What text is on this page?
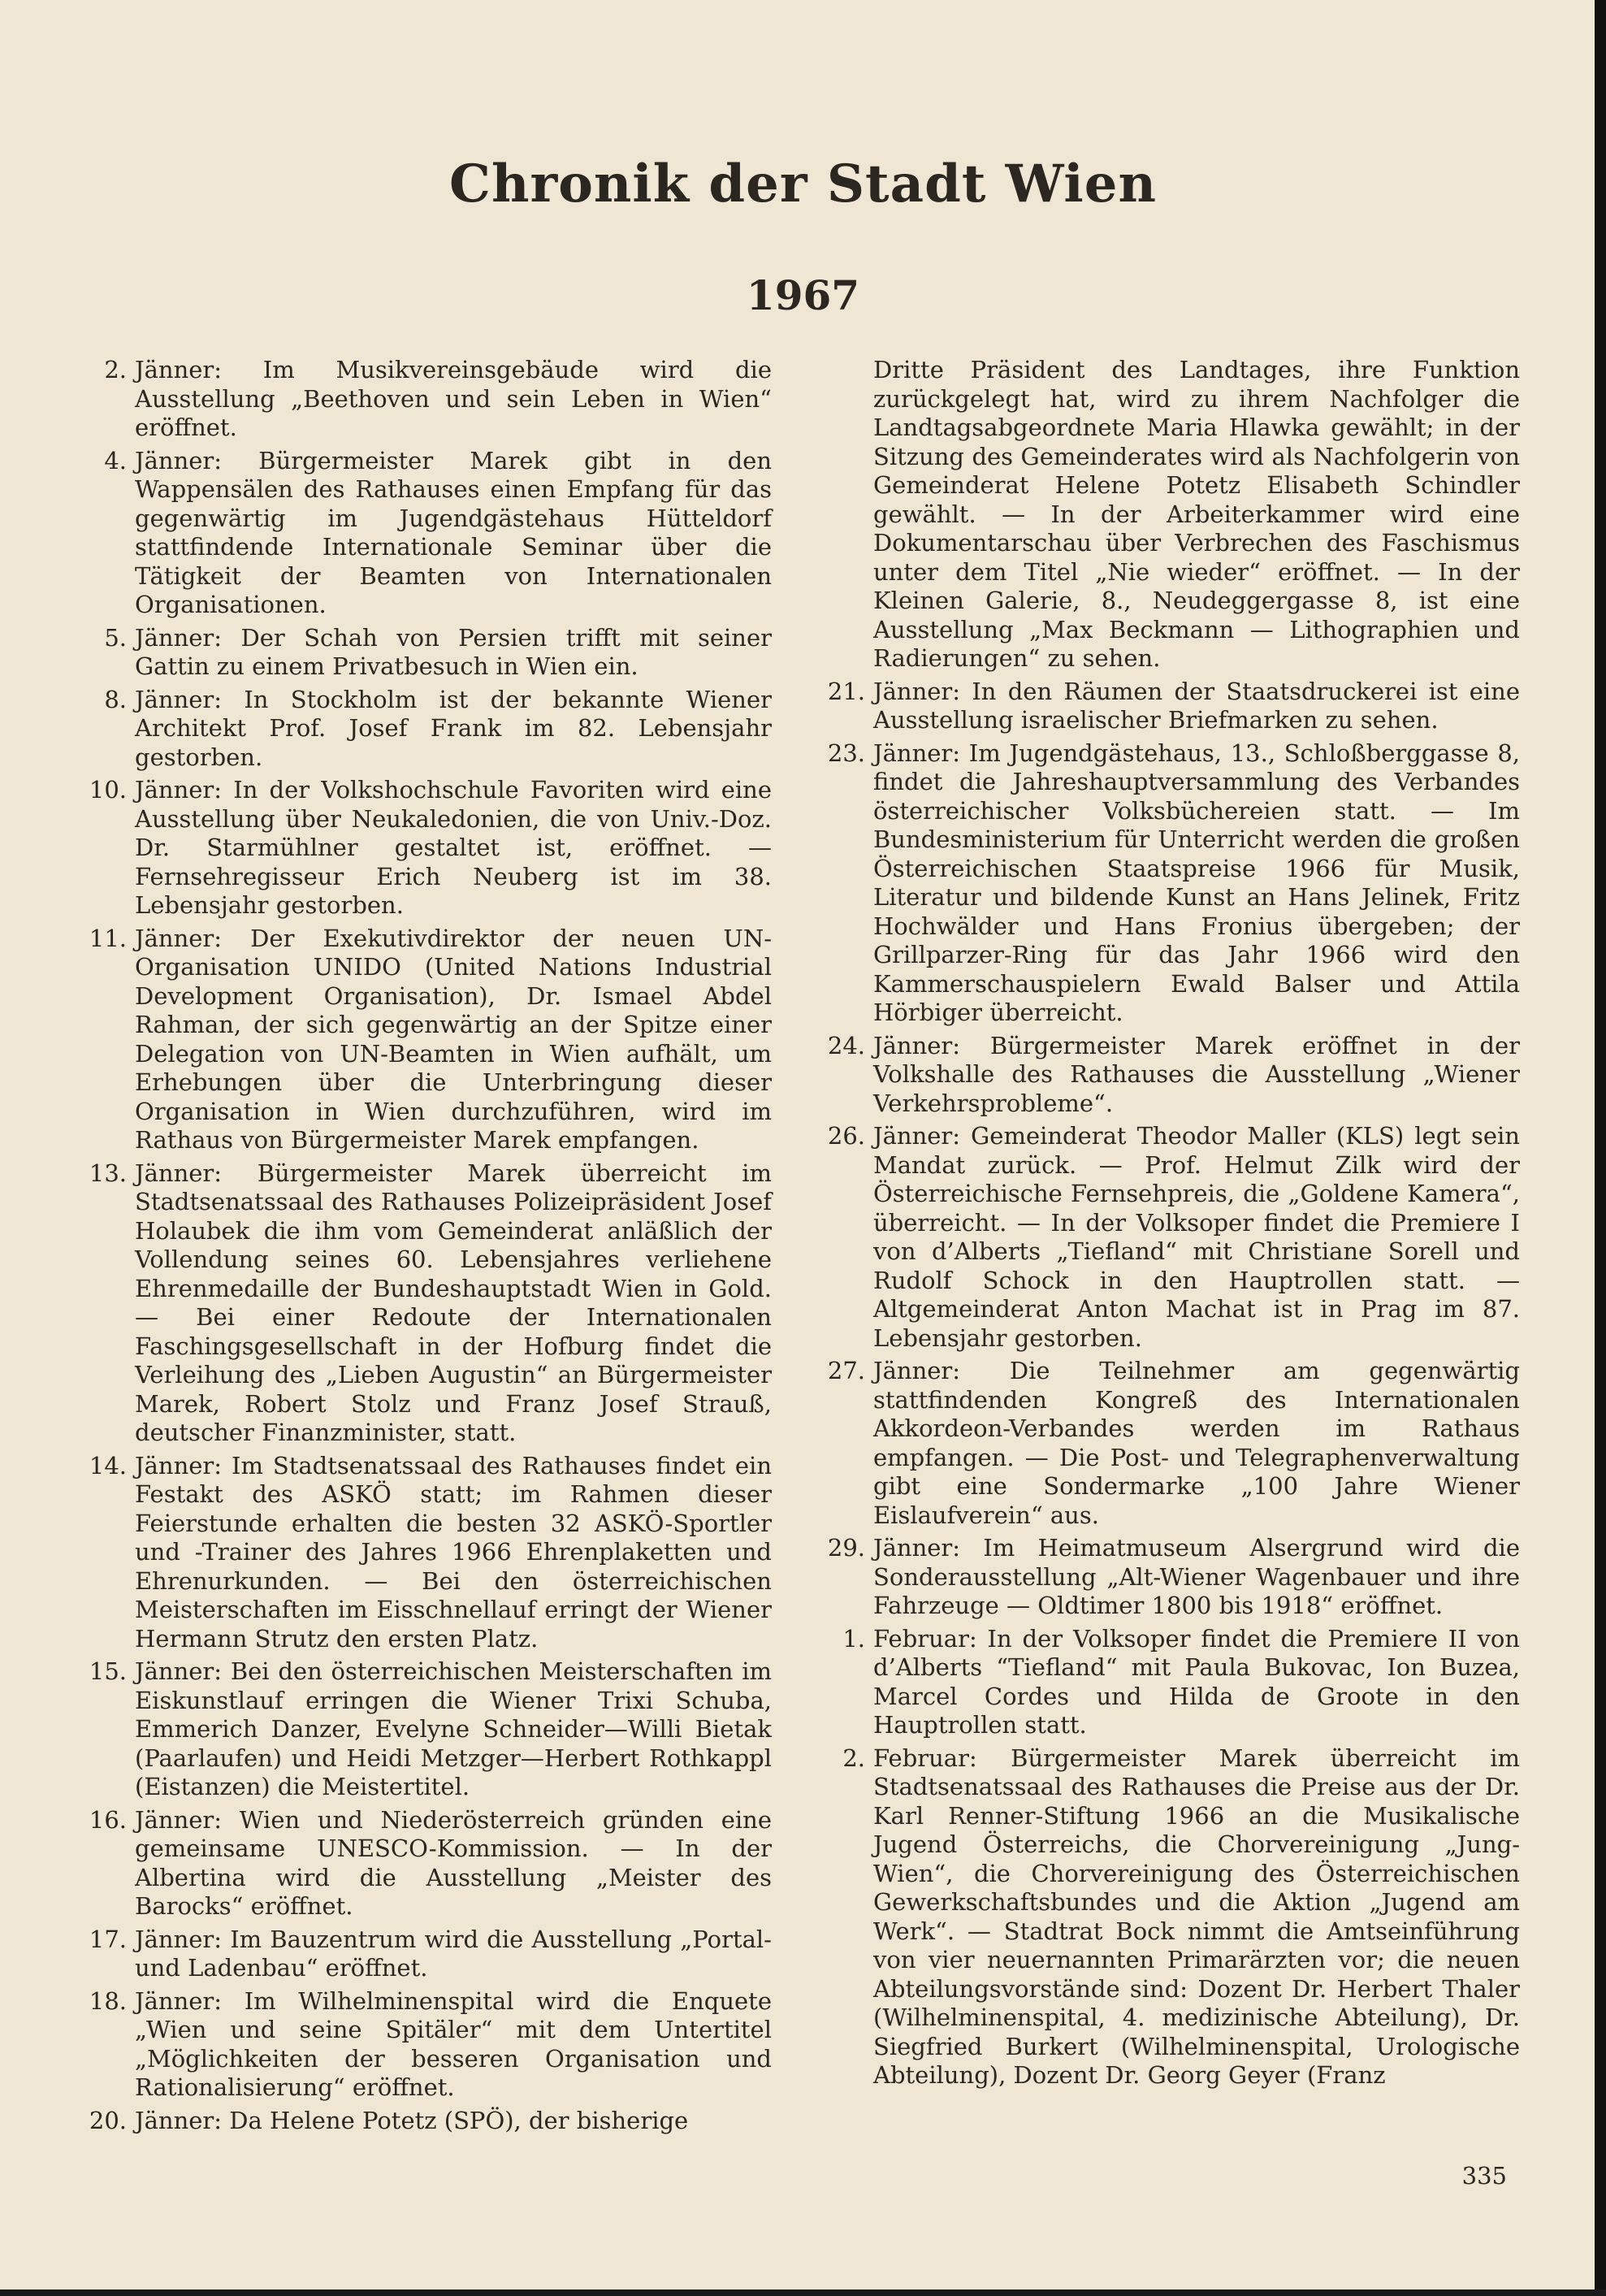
Chronik der Stadt Wien
1967
2. Jänner: Im Musikvereinsgebäude wird die Ausstellung „Beethoven und sein Leben in Wien“ eröffnet.
4. Jänner: Bürgermeister Marek gibt in den Wappensälen des Rathauses einen Empfang für das gegenwärtig im Jugendgästehaus Hütteldorf stattfindende Internationale Seminar über die Tätigkeit der Beamten von Internationalen Organisationen.
5. Jänner: Der Schah von Persien trifft mit seiner Gattin zu einem Privatbesuch in Wien ein.
8. Jänner: In Stockholm ist der bekannte Wiener Architekt Prof. Josef Frank im 82. Lebensjahr gestorben.
10. Jänner: In der Volkshochschule Favoriten wird eine Ausstellung über Neukaledonien, die von Univ.-Doz. Dr. Starmühlner gestaltet ist, eröffnet. — Fernsehregisseur Erich Neuberg ist im 38. Lebensjahr gestorben.
11. Jänner: Der Exekutivdirektor der neuen UN-Organisation UNIDO (United Nations Industrial Development Organisation), Dr. Ismael Abdel Rahman, der sich gegenwärtig an der Spitze einer Delegation von UN-Beamten in Wien aufhält, um Erhebungen über die Unterbringung dieser Organisation in Wien durchzuführen, wird im Rathaus von Bürgermeister Marek empfangen.
13. Jänner: Bürgermeister Marek überreicht im Stadtsenatssaal des Rathauses Polizeipräsident Josef Holaubek die ihm vom Gemeinderat anläßlich der Vollendung seines 60. Lebensjahres verliehene Ehrenmedaille der Bundeshauptstadt Wien in Gold. — Bei einer Redoute der Internationalen Faschingsgesellschaft in der Hofburg findet die Verleihung des „Lieben Augustin“ an Bürgermeister Marek, Robert Stolz und Franz Josef Strauß, deutscher Finanzminister, statt.
14. Jänner: Im Stadtsenatssaal des Rathauses findet ein Festakt des ASKÖ statt; im Rahmen dieser Feierstunde erhalten die besten 32 ASKÖ-Sportler und -Trainer des Jahres 1966 Ehrenplaketten und Ehrenurkunden. — Bei den österreichischen Meisterschaften im Eisschnellauf erringt der Wiener Hermann Strutz den ersten Platz.
15. Jänner: Bei den österreichischen Meisterschaften im Eiskunstlauf erringen die Wiener Trixi Schuba, Emmerich Danzer, Evelyne Schneider—Willi Bietak (Paarlaufen) und Heidi Metzger—Herbert Rothkappl (Eistanzen) die Meistertitel.
16. Jänner: Wien und Niederösterreich gründen eine gemeinsame UNESCO-Kommission. — In der Albertina wird die Ausstellung „Meister des Barocks“ eröffnet.
17. Jänner: Im Bauzentrum wird die Ausstellung „Portal- und Ladenbau“ eröffnet.
18. Jänner: Im Wilhelminenspital wird die Enquete „Wien und seine Spitäler“ mit dem Untertitel „Möglichkeiten der besseren Organisation und Rationalisierung“ eröffnet.
20. Jänner: Da Helene Potetz (SPÖ), der bisherige
Dritte Präsident des Landtages, ihre Funktion zurückgelegt hat, wird zu ihrem Nachfolger die Landtagsabgeordnete Maria Hlawka gewählt; in der Sitzung des Gemeinderates wird als Nachfolgerin von Gemeinderat Helene Potetz Elisabeth Schindler gewählt. — In der Arbeiterkammer wird eine Dokumentarschau über Verbrechen des Faschismus unter dem Titel „Nie wieder“ eröffnet. — In der Kleinen Galerie, 8., Neudeggergasse 8, ist eine Ausstellung „Max Beckmann — Lithographien und Radierungen“ zu sehen.
21. Jänner: In den Räumen der Staatsdruckerei ist eine Ausstellung israelischer Briefmarken zu sehen.
23. Jänner: Im Jugendgästehaus, 13., Schloßberggasse 8, findet die Jahreshauptversammlung des Verbandes österreichischer Volksbüchereien statt. — Im Bundesministerium für Unterricht werden die großen Österreichischen Staatspreise 1966 für Musik, Literatur und bildende Kunst an Hans Jelinek, Fritz Hochwälder und Hans Fronius übergeben; der Grillparzer-Ring für das Jahr 1966 wird den Kammerschauspielern Ewald Balser und Attila Hörbiger überreicht.
24. Jänner: Bürgermeister Marek eröffnet in der Volkshalle des Rathauses die Ausstellung „Wiener Verkehrsprobleme“.
26. Jänner: Gemeinderat Theodor Maller (KLS) legt sein Mandat zurück. — Prof. Helmut Zilk wird der Österreichische Fernsehpreis, die „Goldene Kamera“, überreicht. — In der Volksoper findet die Premiere I von d’Alberts „Tiefland“ mit Christiane Sorell und Rudolf Schock in den Hauptrollen statt. — Altgemeinderat Anton Machat ist in Prag im 87. Lebensjahr gestorben.
27. Jänner: Die Teilnehmer am gegenwärtig stattfindenden Kongreß des Internationalen Akkordeon-Verbandes werden im Rathaus empfangen. — Die Post- und Telegraphenverwaltung gibt eine Sondermarke „100 Jahre Wiener Eislaufverein“ aus.
29. Jänner: Im Heimatmuseum Alsergrund wird die Sonderausstellung „Alt-Wiener Wagenbauer und ihre Fahrzeuge — Oldtimer 1800 bis 1918“ eröffnet.
1. Februar: In der Volksoper findet die Premiere II von d’Alberts “Tiefland“ mit Paula Bukovac, Ion Buzea, Marcel Cordes und Hilda de Groote in den Hauptrollen statt.
2. Februar: Bürgermeister Marek überreicht im Stadtsenatssaal des Rathauses die Preise aus der Dr. Karl Renner-Stiftung 1966 an die Musikalische Jugend Österreichs, die Chorvereinigung „Jung-Wien“, die Chorvereinigung des Österreichischen Gewerkschaftsbundes und die Aktion „Jugend am Werk“. — Stadtrat Bock nimmt die Amtseinführung von vier neuernannten Primarärzten vor; die neuen Abteilungsvorstände sind: Dozent Dr. Herbert Thaler (Wilhelminenspital, 4. medizinische Abteilung), Dr. Siegfried Burkert (Wilhelminenspital, Urologische Abteilung), Dozent Dr. Georg Geyer (Franz
335
